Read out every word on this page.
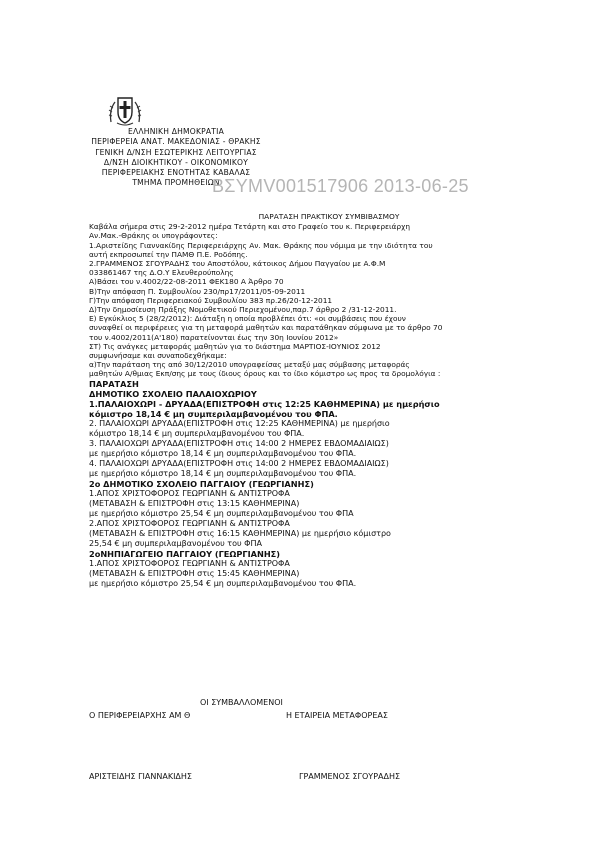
ΕΛΛΗΝΙΚΗ ΔΗΜΟΚΡΑΤΙΑ
ΠΕΡΙΦΕΡΕΙΑ ΑΝΑΤ. ΜΑΚΕΔΟΝΙΑΣ - ΘΡΑΚΗΣ
ΓΕΝΙΚΗ Δ/ΝΣΗ ΕΣΩΤΕΡΙΚΗΣ ΛΕΙΤΟΥΡΓΙΑΣ
Δ/ΝΣΗ ΔΙΟΙΚΗΤΙΚΟΥ - ΟΙΚΟΝΟΜΙΚΟΥ
ΠΕΡΙΦΕΡΕΙΑΚΗΣ ΕΝΟΤΗΤΑΣ ΚΑΒΑΛΑΣ
ΤΜΗΜΑ ΠΡΟΜΗΘΕΙΩΝ
ΒΣΥΜV001517906 2013-06-25
ΠΑΡΑΤΑΣΗ ΠΡΑΚΤΙΚΟΥ ΣΥΜΒΙΒΑΣΜΟΥ
Καβάλα σήμερα στις 29-2-2012 ημέρα Τετάρτη και στο Γραφείο του κ. Περιφερειάρχη
Αν.Μακ.-Θράκης οι υπογράφοντες:
1.Αριστείδης Γιαννακίδης Περιφερειάρχης Αν. Μακ. Θράκης που νόμιμα με την ιδιότητα του
αυτή εκπροσωπεί την ΠΑΜΘ Π.Ε. Ροδόπης.
2.ΓΡΑΜΜΕΝΟΣ ΣΓΟΥΡΑΔΗΣ του Αποστόλου, κάτοικος Δήμου Παγγαίου με Α.Φ.Μ
033861467 της Δ.Ο.Υ Ελευθερούπολης
Α)Βάσει του ν.4002/22-08-2011 ΦΕΚ180 Α Άρθρο 70
Β)Την απόφαση Π. Συμβουλίου 230/πρ17/2011/05-09-2011
Γ)Την απόφαση Περιφερειακού Συμβουλίου 383 πρ.26/20-12-2011
Δ)Την δημοσίευση Πράξης Νομοθετικού Περιεχομένου,παρ.7 άρθρο 2 /31-12-2011.
Ε) Εγκύκλιος 5 (28/2/2012): Διάταξη η οποία προβλέπει ότι: «οι συμβάσεις που έχουν
συναφθεί οι περιφέρειες για τη μεταφορά μαθητών και παρατάθηκαν σύμφωνα με το άρθρο 70
του ν.4002/2011(Α'180) παρατείνονται έως την 30η Ιουνίου 2012»
ΣΤ) Τις ανάγκες μεταφοράς μαθητών για το διάστημα ΜΑΡΤΙΟΣ-ΙΟΥΝΙΟΣ 2012
συμφωνήσαμε και συναποδεχθήκαμε:
α)Την παράταση της από 30/12/2010 υπογραφείσας μεταξύ μας σύμβασης μεταφοράς
μαθητών Α/θμιας Εκπ/σης με τους ίδιους όρους και το ίδιο κόμιστρο ως προς τα δρομολόγια :
ΠΑΡΑΤΑΣΗ
ΔΗΜΟΤΙΚΟ ΣΧΟΛΕΙΟ ΠΑΛΑΙΟΧΩΡΙΟΥ
1.ΠΑΛΑΙΟΧΩΡΙ - ΔΡΥΑΔΑ(ΕΠΙΣΤΡΟΦΗ στις 12:25 ΚΑΘΗΜΕΡΙΝΑ) με ημερήσιο
κόμιστρο 18,14 € μη συμπεριλαμβανομένου του ΦΠΑ.
2. ΠΑΛΑΙΟΧΩΡΙ ΔΡΥΑΔΑ(ΕΠΙΣΤΡΟΦΗ στις 12:25 ΚΑΘΗΜΕΡΙΝΑ) με ημερήσιο
κόμιστρο 18,14 € μη συμπεριλαμβανομένου του ΦΠΑ.
3. ΠΑΛΑΙΟΧΩΡΙ ΔΡΥΑΔΑ(ΕΠΙΣΤΡΟΦΗ στις 14:00 2 ΗΜΕΡΕΣ ΕΒΔΟΜΑΔΙΑΙΩΣ)
με ημερήσιο κόμιστρο 18,14 € μη συμπεριλαμβανομένου του ΦΠΑ.
4. ΠΑΛΑΙΟΧΩΡΙ ΔΡΥΑΔΑ(ΕΠΙΣΤΡΟΦΗ στις 14:00 2 ΗΜΕΡΕΣ ΕΒΔΟΜΑΔΙΑΙΩΣ)
με ημερήσιο κόμιστρο 18,14 € μη συμπεριλαμβανομένου του ΦΠΑ.
2ο ΔΗΜΟΤΙΚΟ ΣΧΟΛΕΙΟ ΠΑΓΓΑΙΟΥ (ΓΕΩΡΓΙΑΝΗΣ)
1.ΑΠΟΣ ΧΡΙΣΤΟΦΟΡΟΣ ΓΕΩΡΓΙΑΝΗ & ΑΝΤΙΣΤΡΟΦΑ
(ΜΕΤΑΒΑΣΗ & ΕΠΙΣΤΡΟΦΗ στις 13:15 ΚΑΘΗΜΕΡΙΝΑ)
με ημερήσιο κόμιστρο 25,54 € μη συμπεριλαμβανομένου του ΦΠΑ
2.ΑΠΟΣ ΧΡΙΣΤΟΦΟΡΟΣ ΓΕΩΡΓΙΑΝΗ & ΑΝΤΙΣΤΡΟΦΑ
(ΜΕΤΑΒΑΣΗ & ΕΠΙΣΤΡΟΦΗ στις 16:15 ΚΑΘΗΜΕΡΙΝΑ) με ημερήσιο κόμιστρο
25,54 € μη συμπεριλαμβανομένου του ΦΠΑ
2οΝΗΠΙΑΓΩΓΕΙΟ ΠΑΓΓΑΙΟΥ (ΓΕΩΡΓΙΑΝΗΣ)
1.ΑΠΟΣ ΧΡΙΣΤΟΦΟΡΟΣ ΓΕΩΡΓΙΑΝΗ & ΑΝΤΙΣΤΡΟΦΑ
(ΜΕΤΑΒΑΣΗ & ΕΠΙΣΤΡΟΦΗ στις 15:45 ΚΑΘΗΜΕΡΙΝΑ)
με ημερήσιο κόμιστρο 25,54 € μη συμπεριλαμβανομένου του ΦΠΑ.
ΟΙ ΣΥΜΒΑΛΛΟΜΕΝΟΙ
Ο ΠΕΡΙΦΕΡΕΙΑΡΧΗΣ ΑΜ Θ	Η ΕΤΑΙΡΕΙΑ ΜΕΤΑΦΟΡΕΑΣ
ΑΡΙΣΤΕΙΔΗΣ ΓΙΑΝΝΑΚΙΔΗΣ	ΓΡΑΜΜΕΝΟΣ ΣΓΟΥΡΑΔΗΣ
